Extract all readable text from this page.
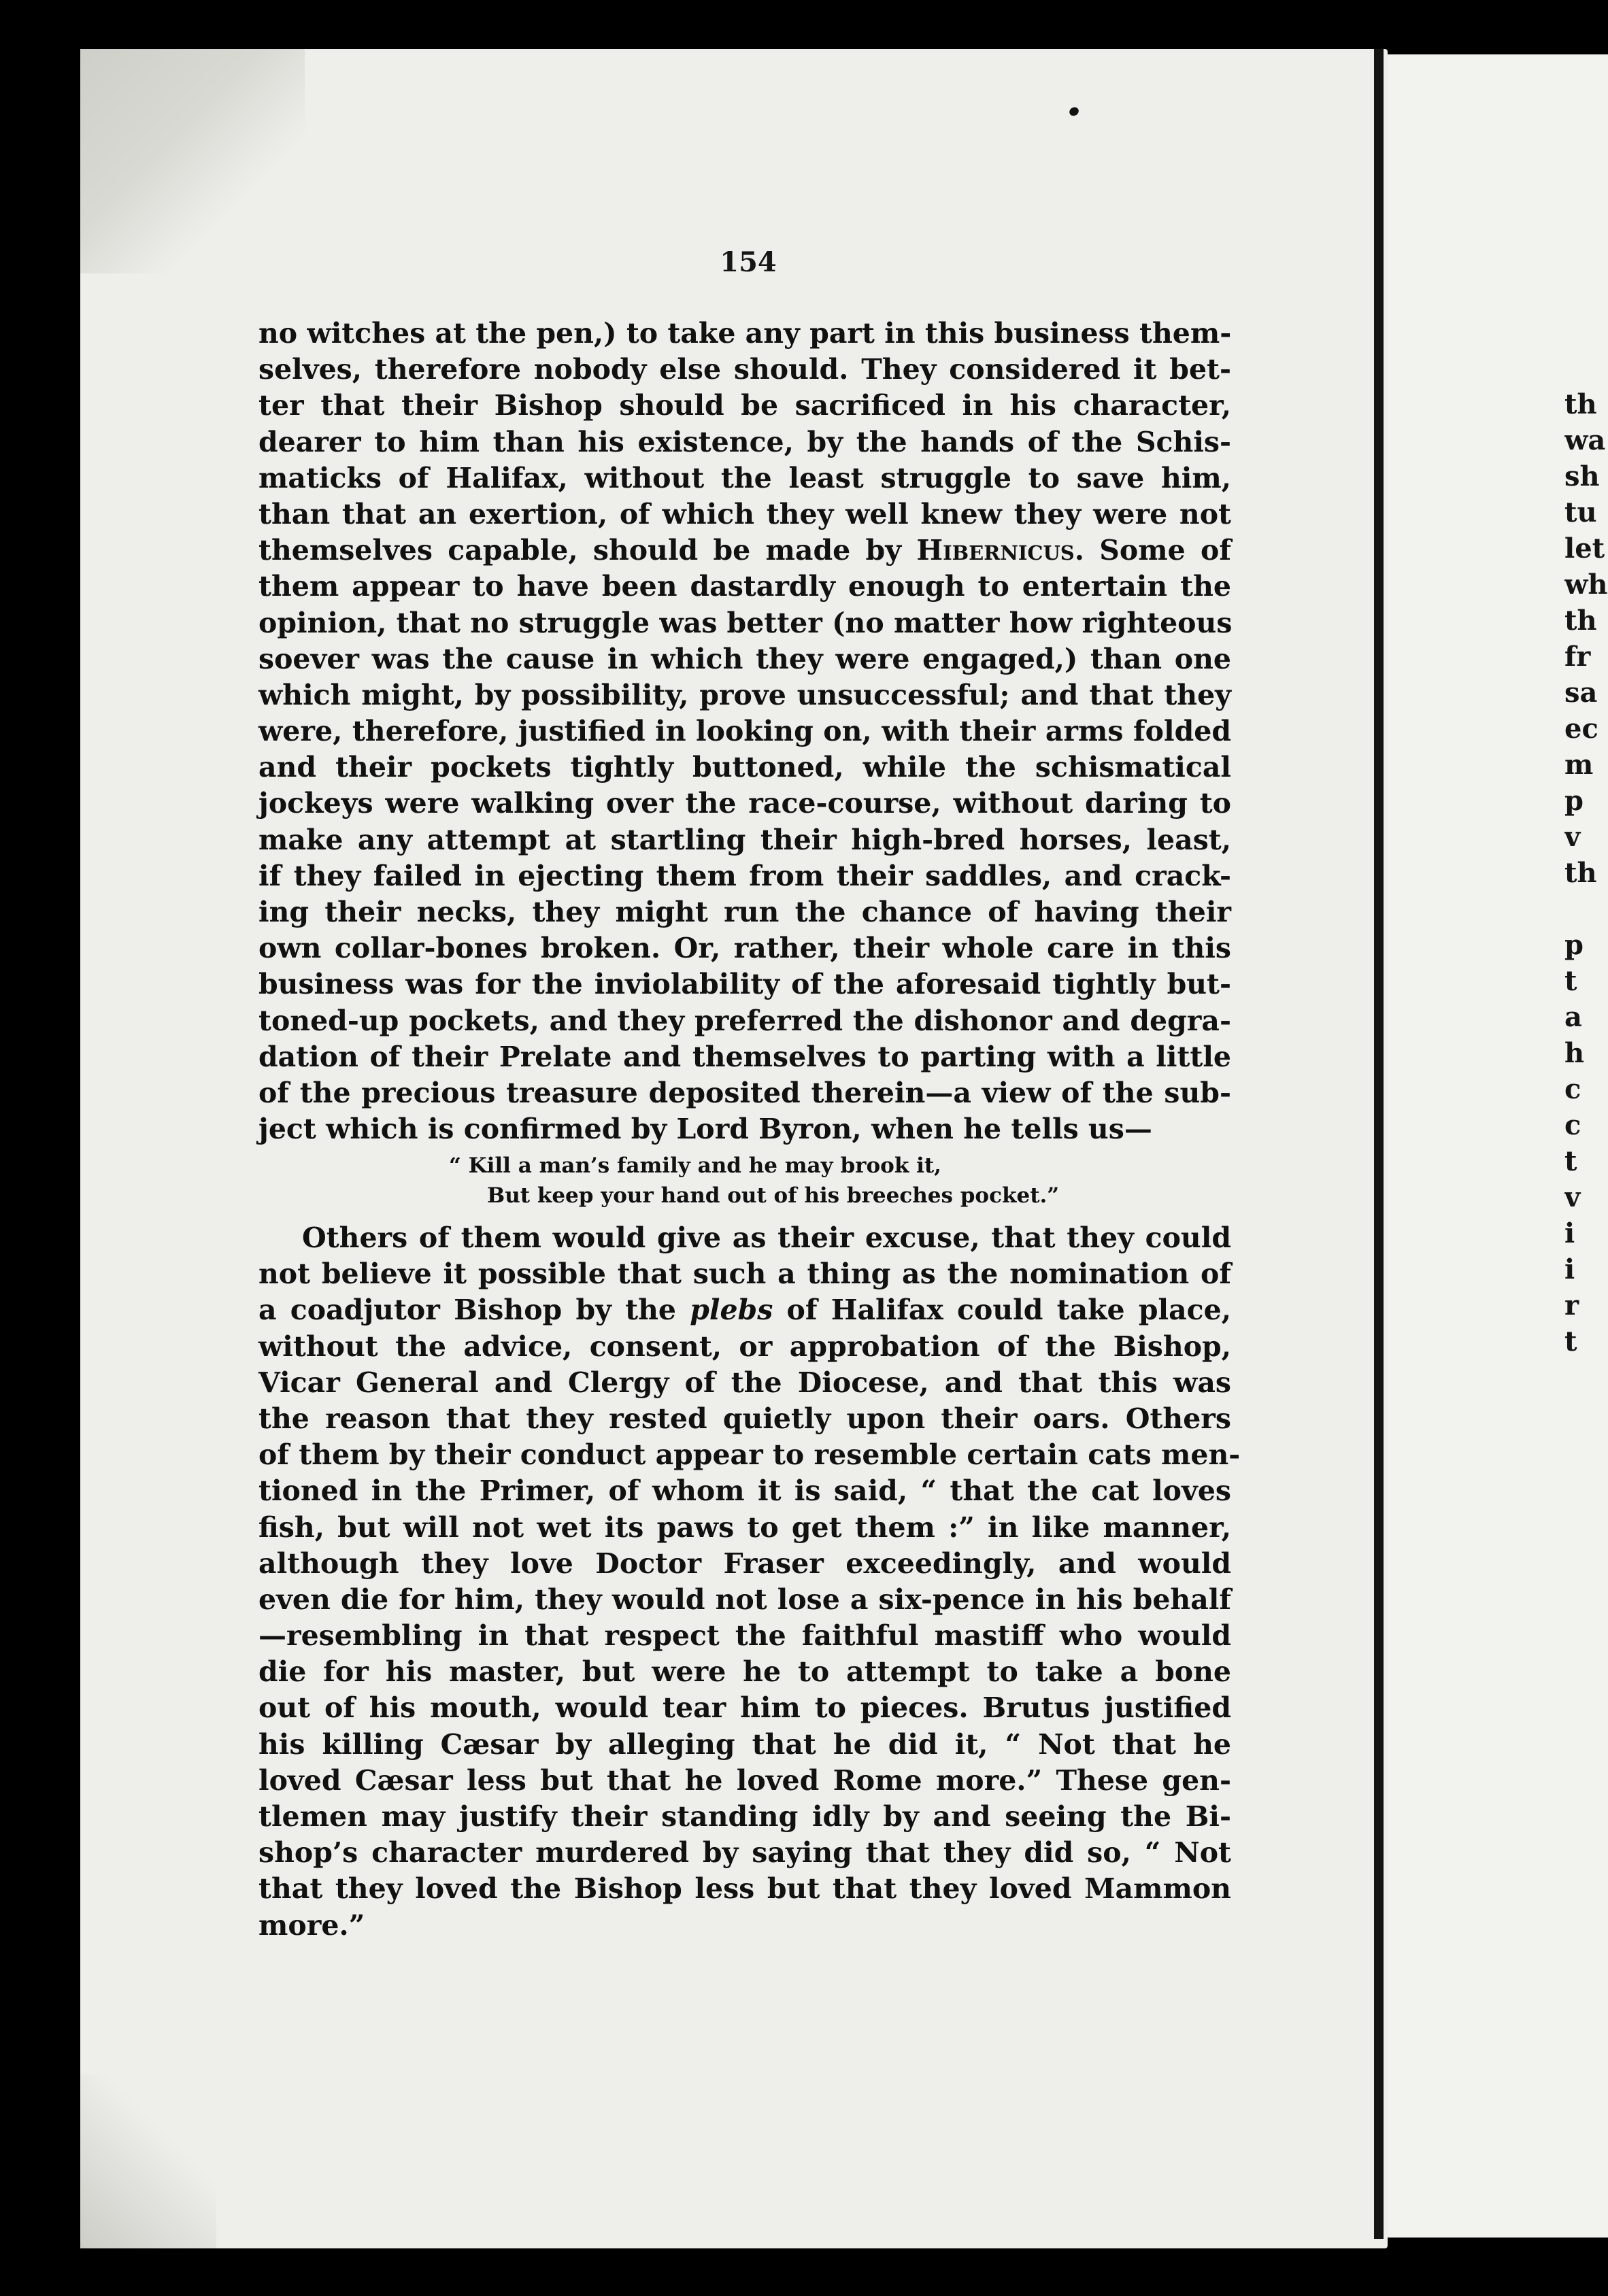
154
no witches at the pen,) to take any part in this business them-
selves, therefore nobody else should. They considered it bet-
ter that their Bishop should be sacrificed in his character,
dearer to him than his existence, by the hands of the Schis-
maticks of Halifax, without the least struggle to save him,
than that an exertion, of which they well knew they were not
themselves capable, should be made by Hibernicus. Some of
them appear to have been dastardly enough to entertain the
opinion, that no struggle was better (no matter how righteous
soever was the cause in which they were engaged,) than one
which might, by possibility, prove unsuccessful; and that they
were, therefore, justified in looking on, with their arms folded
and their pockets tightly buttoned, while the schismatical
jockeys were walking over the race-course, without daring to
make any attempt at startling their high-bred horses, least,
if they failed in ejecting them from their saddles, and crack-
ing their necks, they might run the chance of having their
own collar-bones broken. Or, rather, their whole care in this
business was for the inviolability of the aforesaid tightly but-
toned-up pockets, and they preferred the dishonor and degra-
dation of their Prelate and themselves to parting with a little
of the precious treasure deposited therein—a view of the sub-
ject which is confirmed by Lord Byron, when he tells us—
“ Kill a man’s family and he may brook it,
But keep your hand out of his breeches pocket.”
Others of them would give as their excuse, that they could
not believe it possible that such a thing as the nomination of
a coadjutor Bishop by the plebs of Halifax could take place,
without the advice, consent, or approbation of the Bishop,
Vicar General and Clergy of the Diocese, and that this was
the reason that they rested quietly upon their oars. Others
of them by their conduct appear to resemble certain cats men-
tioned in the Primer, of whom it is said, “ that the cat loves
fish, but will not wet its paws to get them :” in like manner,
although they love Doctor Fraser exceedingly, and would
even die for him, they would not lose a six-pence in his behalf
—resembling in that respect the faithful mastiff who would
die for his master, but were he to attempt to take a bone
out of his mouth, would tear him to pieces. Brutus justified
his killing Cæsar by alleging that he did it, “ Not that he
loved Cæsar less but that he loved Rome more.” These gen-
tlemen may justify their standing idly by and seeing the Bi-
shop’s character murdered by saying that they did so, “ Not
that they loved the Bishop less but that they loved Mammon
more.”
th
wa
sh
tu
let
wh
th
fr
sa
ec
m
p
v
th

p
t
a
h
c
c
t
v
i
i
r
t
